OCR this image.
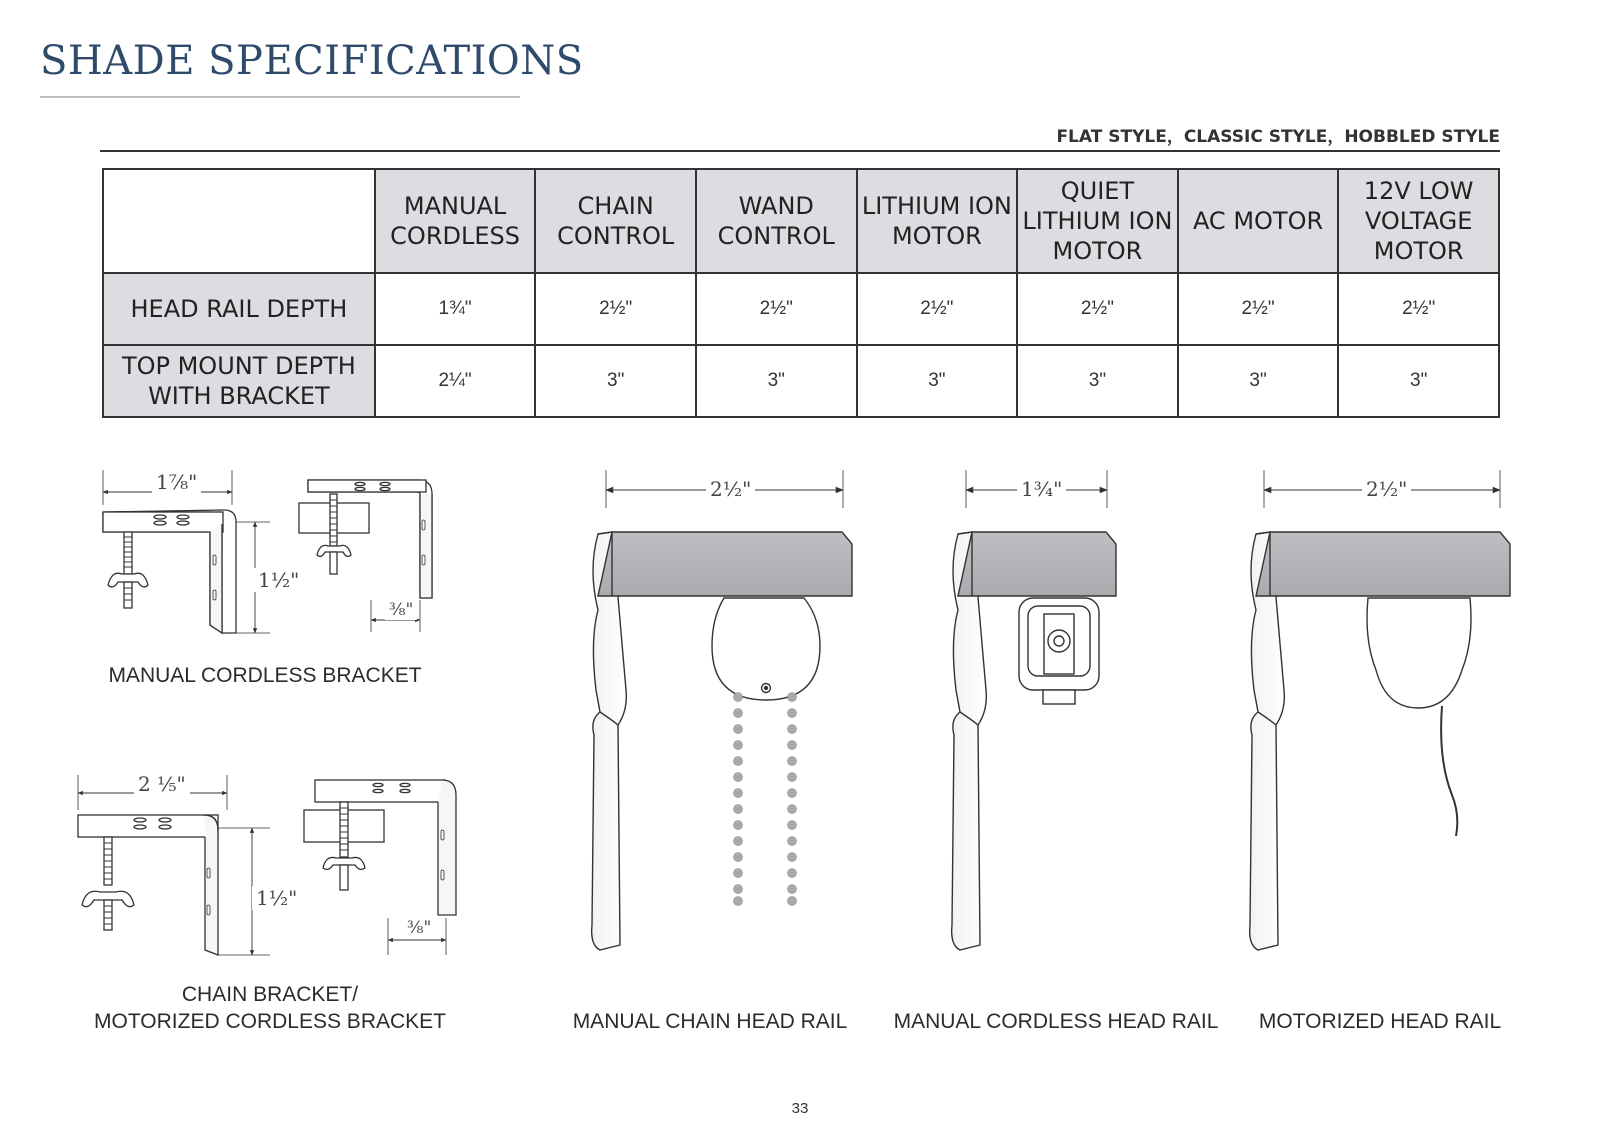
SHADE SPECIFICATIONS
FLAT STYLE，CLASSIC STYLE，HOBBLED STYLE
	MANUAL CORDLESS	CHAIN CONTROL	WAND CONTROL	LITHIUM ION MOTOR	QUIET LITHIUM ION MOTOR	AC MOTOR	12V LOW VOLTAGE MOTOR
HEAD RAIL DEPTH	1¾"	2½"	2½"	2½"	2½"	2½"	2½"
TOP MOUNT DEPTH WITH BRACKET	2¼"	3"	3"	3"	3"	3"	3"
1⁷⁄₈"
1¹⁄₂"
³⁄₈"
2 ¹⁄₅"
1¹⁄₂"
³⁄₈"
2½"	1¾"	2½"
MANUAL CORDLESS BRACKET
CHAIN BRACKET/
MOTORIZED CORDLESS BRACKET	MANUAL CHAIN HEAD RAIL	MANUAL CORDLESS HEAD RAIL	MOTORIZED HEAD RAIL
33
